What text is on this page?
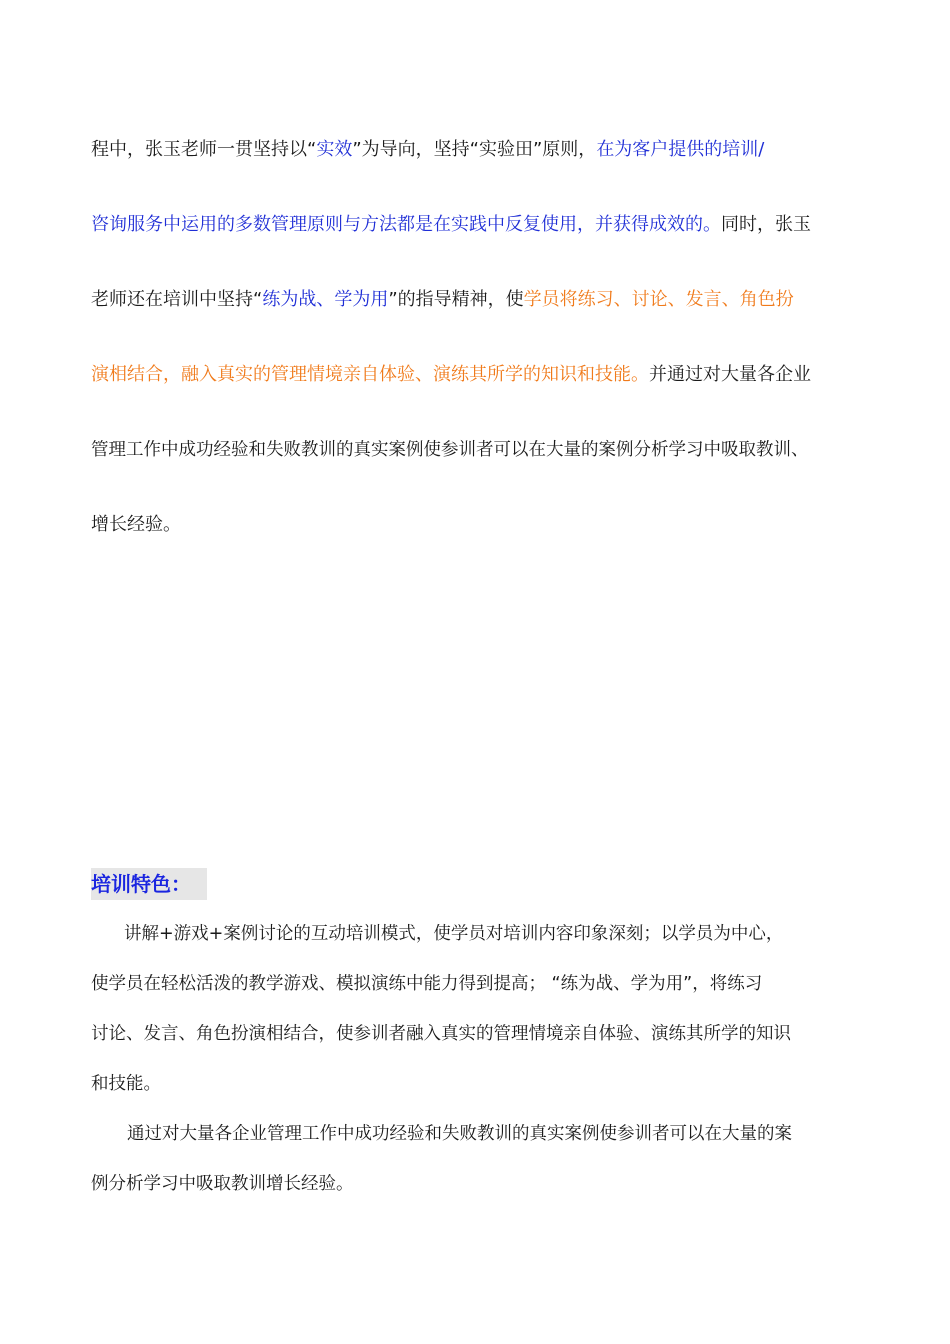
程中，张玉老师一贯坚持以“实效”为导向，坚持“实验田”原则，在为客户提供的培训/
咨询服务中运用的多数管理原则与方法都是在实践中反复使用，并获得成效的。同时，张玉
老师还在培训中坚持“练为战、学为用”的指导精神，使学员将练习、讨论、发言、角色扮
演相结合，融入真实的管理情境亲自体验、演练其所学的知识和技能。并通过对大量各企业
管理工作中成功经验和失败教训的真实案例使参训者可以在大量的案例分析学习中吸取教训、
增长经验。
培训特色：
讲解+游戏+案例讨论的互动培训模式，使学员对培训内容印象深刻；以学员为中心，
使学员在轻松活泼的教学游戏、模拟演练中能力得到提高； “练为战、学为用”，将练习
讨论、发言、角色扮演相结合，使参训者融入真实的管理情境亲自体验、演练其所学的知识
和技能。
通过对大量各企业管理工作中成功经验和失败教训的真实案例使参训者可以在大量的案
例分析学习中吸取教训增长经验。
